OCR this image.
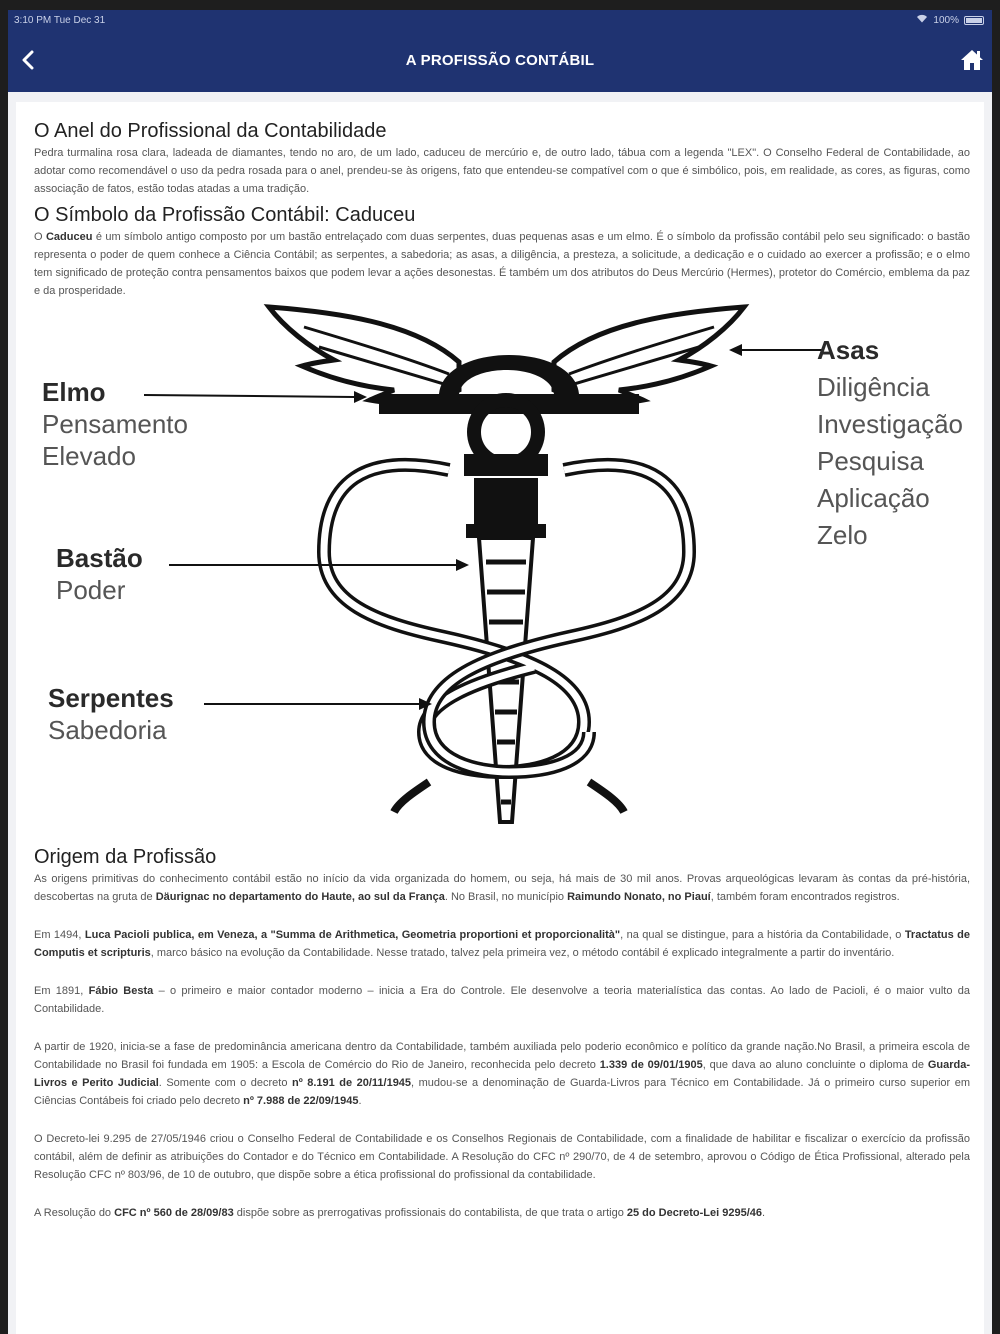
3:10 PM Tue Dec 31	100%
A PROFISSÃO CONTÁBIL
O Anel do Profissional da Contabilidade

Pedra turmalina rosa clara, ladeada de diamantes, tendo no aro, de um lado, caduceu de mercúrio e, de outro lado, tábua com a legenda "LEX". O Conselho Federal de Contabilidade, ao adotar como recomendável o uso da pedra rosada para o anel, prendeu-se às origens, fato que entendeu-se compatível com o que é simbólico, pois, em realidade, as cores, as figuras, como associação de fatos, estão todas atadas a uma tradição.

O Símbolo da Profissão Contábil: Caduceu

O Caduceu é um símbolo antigo composto por um bastão entrelaçado com duas serpentes, duas pequenas asas e um elmo. É o símbolo da profissão contábil pelo seu significado: o bastão representa o poder de quem conhece a Ciência Contábil; as serpentes, a sabedoria; as asas, a diligência, a presteza, a solicitude, a dedicação e o cuidado ao exercer a profissão; e o elmo tem significado de proteção contra pensamentos baixos que podem levar a ações desonestas. É também um dos atributos do Deus Mercúrio (Hermes), protetor do Comércio, emblema da paz e da prosperidade.

Elmo
Pensamento
Elevado
Bastão
Poder
Serpentes
Sabedoria
Asas
Diligência
Investigação
Pesquisa
Aplicação
Zelo
Origem da Profissão

As origens primitivas do conhecimento contábil estão no início da vida organizada do homem, ou seja, há mais de 30 mil anos. Provas arqueológicas levaram às contas da pré-história, descobertas na gruta de Däurignac no departamento do Haute, ao sul da França. No Brasil, no município Raimundo Nonato, no Piauí, também foram encontrados registros.

Em 1494, Luca Pacioli publica, em Veneza, a "Summa de Arithmetica, Geometria proportioni et proporcionalità", na qual se distingue, para a história da Contabilidade, o Tractatus de Computis et scripturis, marco básico na evolução da Contabilidade. Nesse tratado, talvez pela primeira vez, o método contábil é explicado integralmente a partir do inventário.

Em 1891, Fábio Besta – o primeiro e maior contador moderno – inicia a Era do Controle. Ele desenvolve a teoria materialística das contas. Ao lado de Pacioli, é o maior vulto da Contabilidade.

A partir de 1920, inicia-se a fase de predominância americana dentro da Contabilidade, também auxiliada pelo poderio econômico e político da grande nação.No Brasil, a primeira escola de Contabilidade no Brasil foi fundada em 1905: a Escola de Comércio do Rio de Janeiro, reconhecida pelo decreto 1.339 de 09/01/1905, que dava ao aluno concluinte o diploma de Guarda-Livros e Perito Judicial. Somente com o decreto nº 8.191 de 20/11/1945, mudou-se a denominação de Guarda-Livros para Técnico em Contabilidade. Já o primeiro curso superior em Ciências Contábeis foi criado pelo decreto nº 7.988 de 22/09/1945.

O Decreto-lei 9.295 de 27/05/1946 criou o Conselho Federal de Contabilidade e os Conselhos Regionais de Contabilidade, com a finalidade de habilitar e fiscalizar o exercício da profissão contábil, além de definir as atribuições do Contador e do Técnico em Contabilidade. A Resolução do CFC nº 290/70, de 4 de setembro, aprovou o Código de Ética Profissional, alterado pela Resolução CFC nº 803/96, de 10 de outubro, que dispõe sobre a ética profissional do profissional da contabilidade.

A Resolução do CFC nº 560 de 28/09/83 dispõe sobre as prerrogativas profissionais do contabilista, de que trata o artigo 25 do Decreto-Lei 9295/46.
